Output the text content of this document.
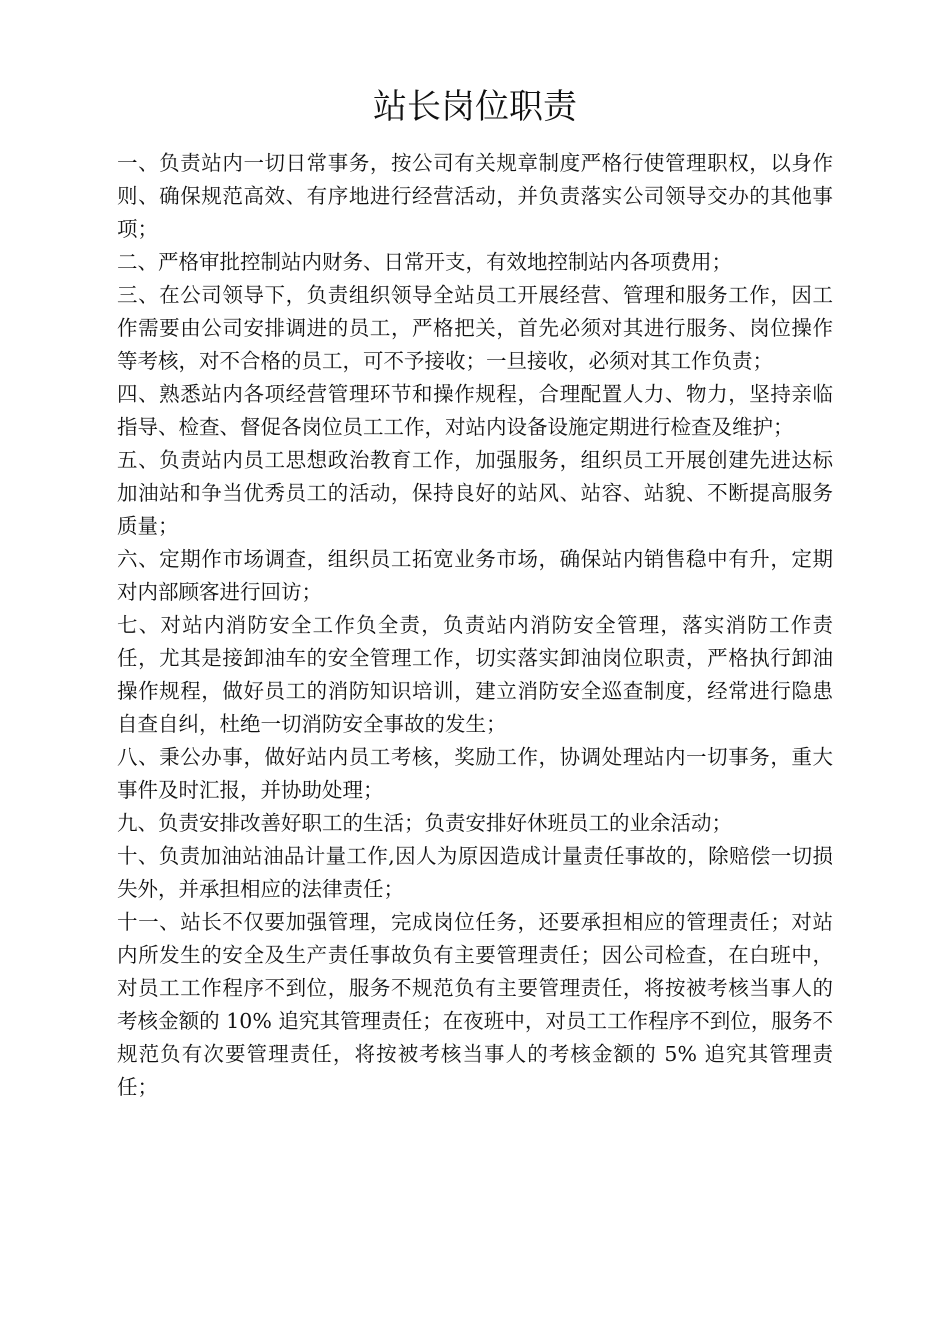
站长岗位职责

一、负责站内一切日常事务，按公司有关规章制度严格行使管理职权，以身作则、确保规范高效、有序地进行经营活动，并负责落实公司领导交办的其他事项；

二、严格审批控制站内财务、日常开支，有效地控制站内各项费用；

三、在公司领导下，负责组织领导全站员工开展经营、管理和服务工作，因工作需要由公司安排调进的员工，严格把关，首先必须对其进行服务、岗位操作等考核，对不合格的员工，可不予接收；一旦接收，必须对其工作负责；

四、熟悉站内各项经营管理环节和操作规程，合理配置人力、物力，坚持亲临指导、检查、督促各岗位员工工作，对站内设备设施定期进行检查及维护；

五、负责站内员工思想政治教育工作，加强服务，组织员工开展创建先进达标加油站和争当优秀员工的活动，保持良好的站风、站容、站貌、不断提高服务质量；

六、定期作市场调查，组织员工拓宽业务市场，确保站内销售稳中有升，定期对内部顾客进行回访；

七、对站内消防安全工作负全责，负责站内消防安全管理，落实消防工作责任，尤其是接卸油车的安全管理工作，切实落实卸油岗位职责，严格执行卸油操作规程，做好员工的消防知识培训，建立消防安全巡查制度，经常进行隐患自查自纠，杜绝一切消防安全事故的发生；

八、秉公办事，做好站内员工考核，奖励工作，协调处理站内一切事务，重大事件及时汇报，并协助处理；

九、负责安排改善好职工的生活；负责安排好休班员工的业余活动；

十、负责加油站油品计量工作,因人为原因造成计量责任事故的，除赔偿一切损失外，并承担相应的法律责任；

十一、站长不仅要加强管理，完成岗位任务，还要承担相应的管理责任；对站内所发生的安全及生产责任事故负有主要管理责任；因公司检查，在白班中，对员工工作程序不到位，服务不规范负有主要管理责任，将按被考核当事人的考核金额的 10% 追究其管理责任；在夜班中，对员工工作程序不到位，服务不规范负有次要管理责任，将按被考核当事人的考核金额的 5% 追究其管理责任；
